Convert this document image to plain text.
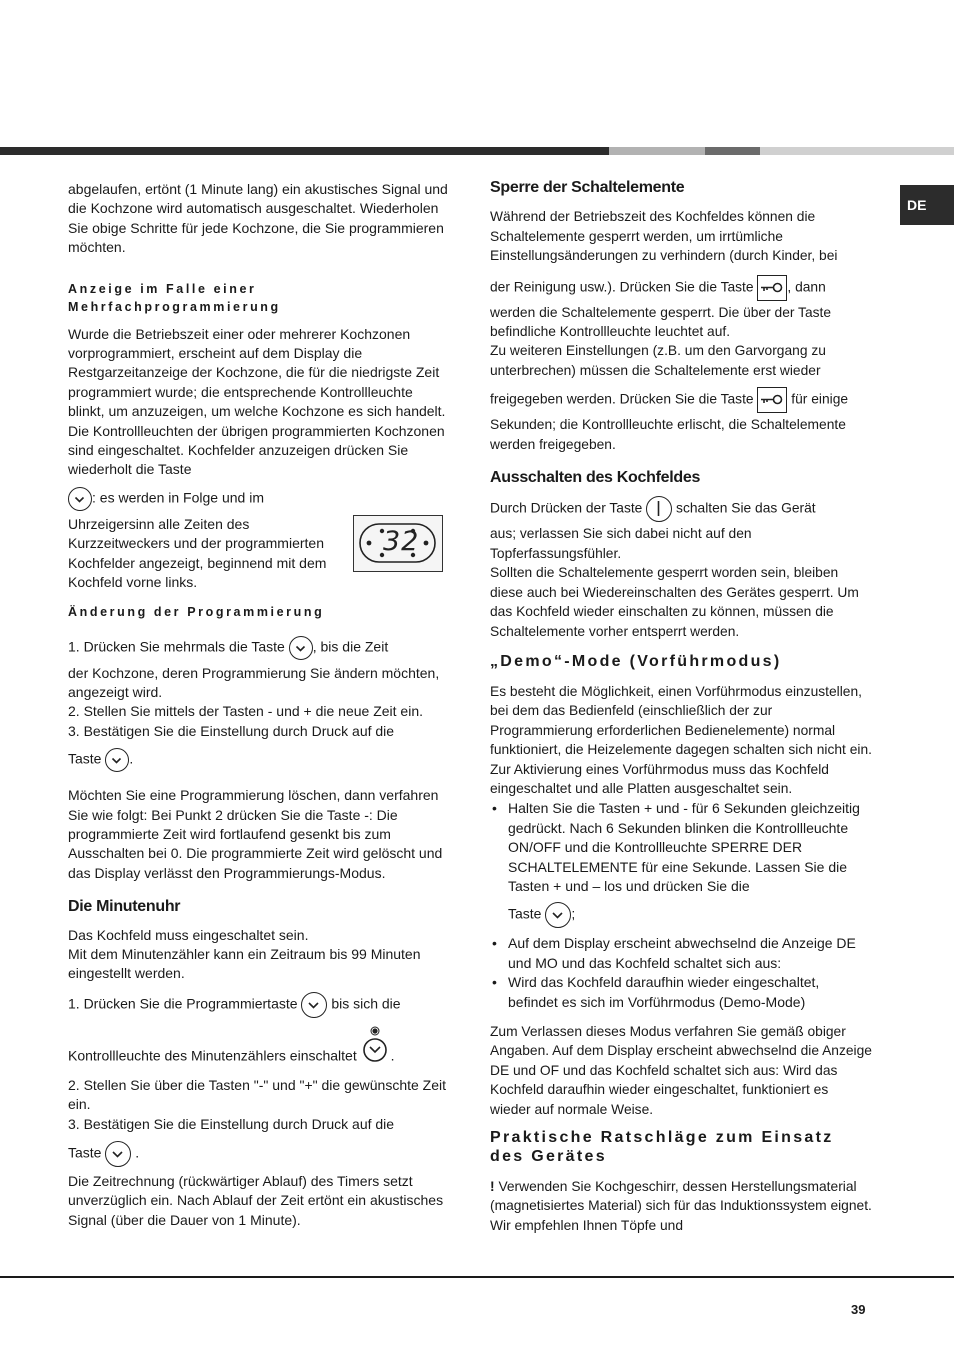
DE

abgelaufen, ertönt (1 Minute lang) ein akustisches Signal und die Kochzone wird automatisch ausgeschaltet. Wiederholen Sie obige Schritte für jede Kochzone, die Sie programmieren möchten.

Anzeige im Falle einer

Mehrfachprogrammierung

Wurde die Betriebszeit einer oder mehrerer Kochzonen vorprogrammiert, erscheint auf dem Display die Restgarzeitanzeige der Kochzone, die für die niedrigste Zeit programmiert wurde; die entsprechende Kontrollleuchte blinkt, um anzuzeigen, um welche Kochzone es sich handelt. Die Kontrollleuchten der übrigen programmierten Kochzonen sind eingeschaltet. Kochfelder anzuzeigen drücken Sie wiederholt die Taste

: es werden in Folge und im

Uhrzeigersinn alle Zeiten des Kurzzeitweckers und der programmierten Kochfelder angezeigt, beginnend mit dem Kochfeld vorne links.

Änderung der Programmierung

1. Drücken Sie mehrmals die Taste , bis die Zeit

der Kochzone, deren Programmierung Sie ändern möchten, angezeigt wird.

2. Stellen Sie mittels der Tasten - und + die neue Zeit ein.

3. Bestätigen Sie die Einstellung durch Druck auf die

Taste .

Möchten Sie eine Programmierung löschen, dann verfahren Sie wie folgt: Bei Punkt 2 drücken Sie die Taste -: Die programmierte Zeit wird fortlaufend gesenkt bis zum Ausschalten bei 0. Die programmierte Zeit wird gelöscht und das Display verlässt den Programmierungs-Modus.

Die Minutenuhr

Das Kochfeld muss eingeschaltet sein.
Mit dem Minutenzähler kann ein Zeitraum bis 99 Minuten eingestellt werden.

1. Drücken Sie die Programmiertaste bis sich die

Kontrollleuchte des Minutenzählers einschaltet .

2. Stellen Sie über die Tasten "-" und "+" die gewünschte Zeit ein.

3. Bestätigen Sie die Einstellung durch Druck auf die

Taste .

Die Zeitrechnung (rückwärtiger Ablauf) des Timers setzt unverzüglich ein. Nach Ablauf der Zeit ertönt ein akustisches Signal (über die Dauer von 1 Minute).

32

Sperre der Schaltelemente

Während der Betriebszeit des Kochfeldes können die Schaltelemente gesperrt werden, um irrtümliche Einstellungsänderungen zu verhindern (durch Kinder, bei

der Reinigung usw.). Drücken Sie die Taste , dann

werden die Schaltelemente gesperrt. Die über der Taste befindliche Kontrollleuchte leuchtet auf.
Zu weiteren Einstellungen (z.B. um den Garvorgang zu unterbrechen) müssen die Schaltelemente erst wieder

freigegeben werden. Drücken Sie die Taste	für einige

Sekunden; die Kontrollleuchte erlischt, die Schaltelemente werden freigegeben.

Ausschalten des Kochfeldes

Durch Drücken der Taste schalten Sie das Gerät

aus; verlassen Sie sich dabei nicht auf den Topferfassungsfühler.
Sollten die Schaltelemente gesperrt worden sein, bleiben diese auch bei Wiedereinschalten des Gerätes gesperrt. Um das Kochfeld wieder einschalten zu können, müssen die Schaltelemente vorher entsperrt werden.

„Demo“-Mode (Vorführmodus)

Es besteht die Möglichkeit, einen Vorführmodus einzustellen, bei dem das Bedienfeld (einschließlich der zur Programmierung erforderlichen Bedienelemente) normal funktioniert, die Heizelemente dagegen schalten sich nicht ein. Zur Aktivierung eines Vorführmodus muss das Kochfeld eingeschaltet und alle Platten ausgeschaltet sein.

• Halten Sie die Tasten + und - für 6 Sekunden gleichzeitig gedrückt. Nach 6 Sekunden blinken die Kontrollleuchte ON/OFF und die Kontrollleuchte SPERRE DER SCHALTELEMENTE für eine Sekunde. Lassen Sie die Tasten + und – los und drücken Sie die
Taste ;
• Auf dem Display erscheint abwechselnd die Anzeige DE und MO und das Kochfeld schaltet sich aus:
• Wird das Kochfeld daraufhin wieder eingeschaltet, befindet es sich im Vorführmodus (Demo-Mode)

Zum Verlassen dieses Modus verfahren Sie gemäß obiger Angaben. Auf dem Display erscheint abwechselnd die Anzeige DE und OF und das Kochfeld schaltet sich aus: Wird das Kochfeld daraufhin wieder eingeschaltet, funktioniert es wieder auf normale Weise.

Praktische Ratschläge zum Einsatz des Gerätes

! Verwenden Sie Kochgeschirr, dessen Herstellungsmaterial (magnetisiertes Material) sich für das Induktionssystem eignet. Wir empfehlen Ihnen Töpfe und

39
